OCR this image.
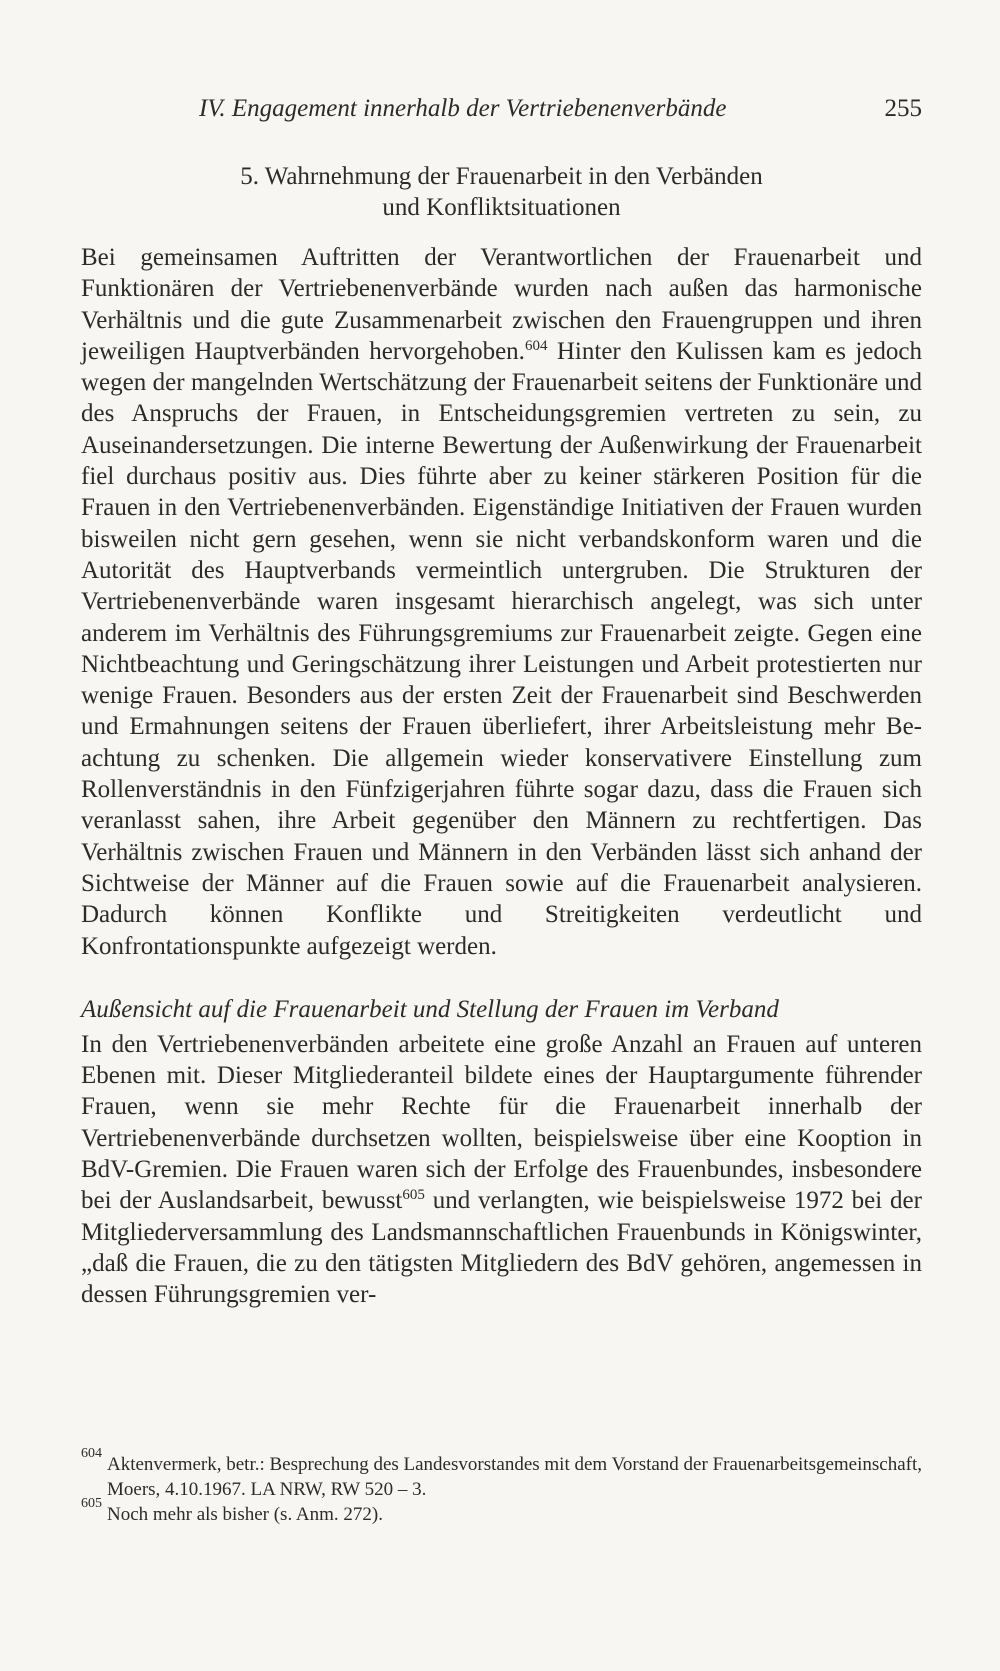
IV. Engagement innerhalb der Vertriebenenverbände	255
5. Wahrnehmung der Frauenarbeit in den Verbänden
und Konfliktsituationen

Bei gemeinsamen Auftritten der Verantwortlichen der Frauenarbeit und Funktionären der Vertriebenenverbände wurden nach außen das harmonische Verhältnis und die gute Zusammenarbeit zwischen den Frauengruppen und ihren jeweiligen Hauptverbänden hervorgehoben.$^{604}$ Hinter den Kulissen kam es jedoch wegen der mangelnden Wertschätzung der Frauenarbeit seitens der Funktionäre und des Anspruchs der Frauen, in Entscheidungsgremien vertreten zu sein, zu Auseinandersetzungen. Die interne Bewertung der Außenwirkung der Frauenarbeit fiel durchaus positiv aus. Dies führte aber zu keiner stärkeren Position für die Frauen in den Vertriebenenverbänden. Eigenständige Initiativen der Frauen wurden bisweilen nicht gern gesehen, wenn sie nicht verbandskonform waren und die Autorität des Hauptverbands vermeintlich untergruben. Die Strukturen der Vertriebenenverbände waren insgesamt hierarchisch angelegt, was sich unter anderem im Verhältnis des Führungsgremiums zur Frauenarbeit zeigte. Gegen eine Nichtbeachtung und Geringschätzung ihrer Leistungen und Arbeit protestierten nur wenige Frauen. Besonders aus der ersten Zeit der Frauenarbeit sind Beschwerden und Ermahnungen seitens der Frauen überliefert, ihrer Arbeitsleistung mehr Beachtung zu schenken. Die allgemein wieder konservativere Einstellung zum Rollenverständnis in den Fünfzigerjahren führte sogar dazu, dass die Frauen sich veranlasst sahen, ihre Arbeit gegenüber den Männern zu rechtfertigen. Das Verhältnis zwischen Frauen und Männern in den Verbänden lässt sich anhand der Sichtweise der Männer auf die Frauen sowie auf die Frauenarbeit analysieren. Dadurch können Konflikte und Streitigkeiten verdeutlicht und Konfrontationspunkte aufgezeigt werden.

Außensicht auf die Frauenarbeit und Stellung der Frauen im Verband

In den Vertriebenenverbänden arbeitete eine große Anzahl an Frauen auf unteren Ebenen mit. Dieser Mitgliederanteil bildete eines der Hauptargumente führender Frauen, wenn sie mehr Rechte für die Frauenarbeit innerhalb der Vertriebenenverbände durchsetzen wollten, beispielsweise über eine Kooption in BdV-Gremien. Die Frauen waren sich der Erfolge des Frauenbundes, insbesondere bei der Auslandsarbeit, bewusst$^{605}$ und verlangten, wie beispielsweise 1972 bei der Mitgliederversammlung des Landsmannschaftlichen Frauenbunds in Königswinter, „daß die Frauen, die zu den tätigsten Mitgliedern des BdV gehören, angemessen in dessen Führungsgremien ver-

604
Aktenvermerk, betr.: Besprechung des Landesvorstandes mit dem Vorstand der Frauenarbeitsgemeinschaft, Moers, 4.10.1967. LA NRW, RW 520 – 3.
605
Noch mehr als bisher (s. Anm. 272).
